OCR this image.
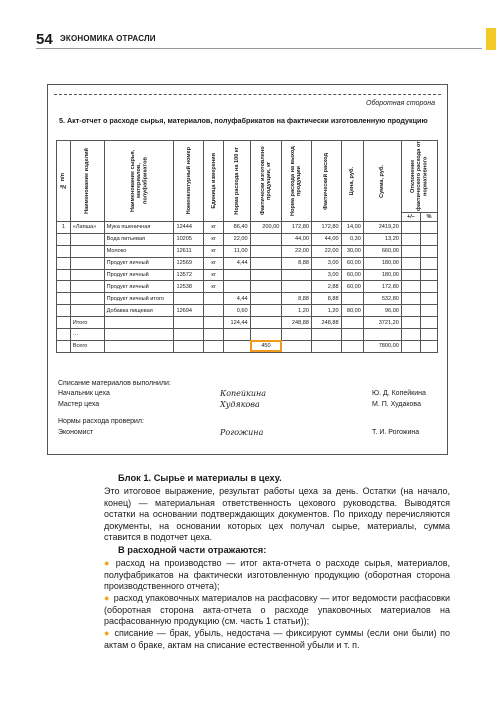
54 ЭКОНОМИКА ОТРАСЛИ
Оборотная сторона
5. Акт-отчет о расходе сырья, материалов, полуфабрикатов на фактически изготовленную продукцию
№ п/п	Наименование изделий	Наименование сырья, материалов, полуфабрикатов	Номенклатурный номер	Единица измерения	Норма расхода на 100 кг	Фактически изготовлено продукции, кг	Норма расхода на выход продукции	Фактический расход	Цена, руб.	Сумма, руб.	Отклонение фактического расхода от нормативного	

											+/–	%
1	«Лапша»	Мука пшеничная	12444	кг	86,40	200,00	172,80	172,80	14,00	2419,20		
		Вода питьевая	10205	кг	22,00		44,00	44,00	0,30	13,20		
		Молоко	12611	кг	11,00		22,00	22,00	30,00	660,00		
		Продукт яичный	12569	кг	4,44		8,88	3,00	60,00	180,00		
		Продукт яичный	13572	кг				3,00	60,00	180,00		
		Продукт яичный	12538	кг				2,88	60,00	172,80		
		Продукт яичный итого			4,44		8,88	8,88		532,80		
		Добавка пищевая	12694		0,60		1,20	1,20	80,00	96,00		
	Итого				124,44		248,88	248,88		3721,20		
	…											
	Всего					450				7800,00		
Списание материалов выполнили:
Начальник цеха	Копейкина	Ю. Д. Копейкина
Мастер цеха	Худякова	М. П. Худакова
Нормы расхода проверил:
Экономист	Рогожина	Т. И. Рогожина
Блок 1. Сырье и материалы в цеху.
Это итоговое выражение, результат работы цеха за день. Остатки (на начало, конец) — материальная ответственность цехового руководства. Выводятся остатки на основании подтверждающих документов. По приходу перечисляются документы, на основании которых цех получал сырье, материалы, сумма ставится в подотчет цеха.
В расходной части отражаются:
● расход на производство — итог акта-отчета о расходе сырья, материалов, полуфабрикатов на фактически изготовленную продукцию (оборотная сторона производственного отчета);
● расход упаковочных материалов на расфасовку — итог ведомости расфасовки (оборотная сторона акта-отчета о расходе упаковочных материалов на расфасованную продукцию (см. часть 1 статьи));
● списание — брак, убыль, недостача — фиксируют суммы (если они были) по актам о браке, актам на списание естественной убыли и т. п.
